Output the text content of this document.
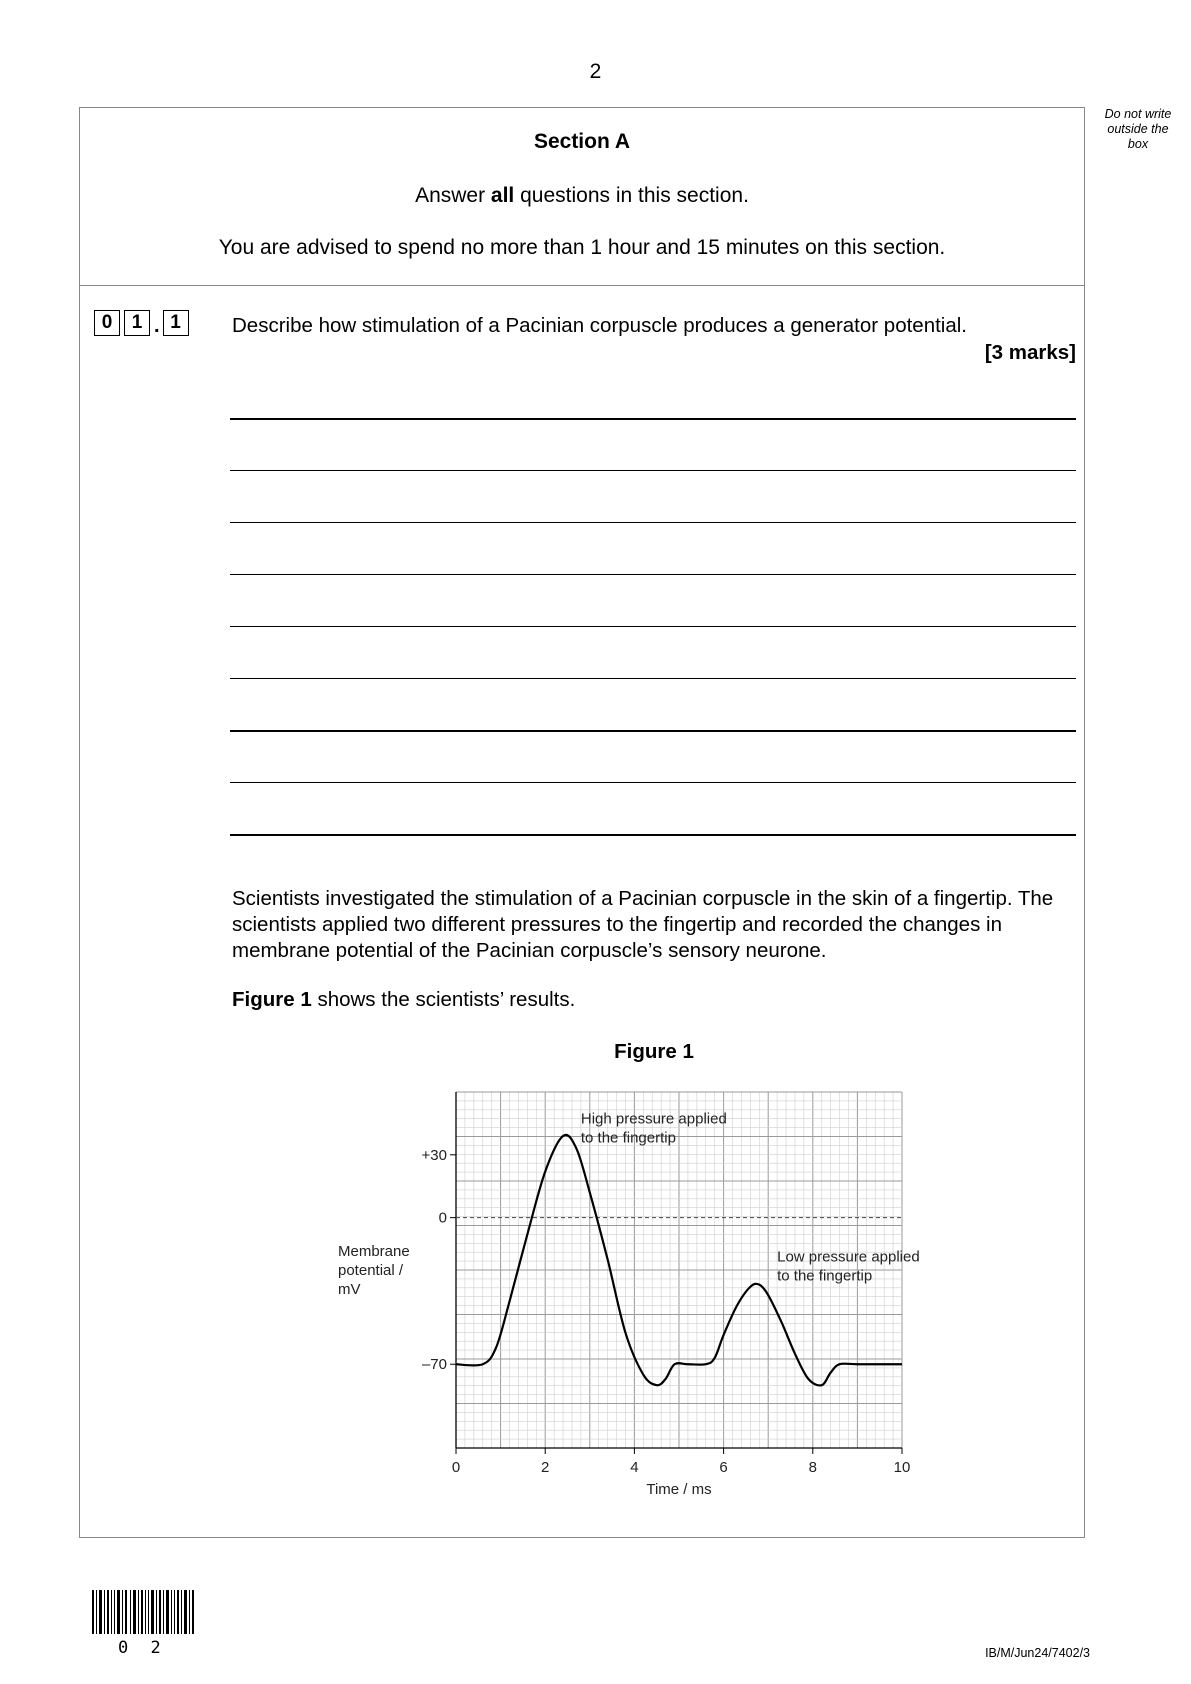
2
Do not write
outside the
box
Section A
Answer all questions in this section.
You are advised to spend no more than 1 hour and 15 minutes on this section.
0	1 . 1	Describe how stimulation of a Pacinian corpuscle produces a generator potential.
[3 marks]
Scientists investigated the stimulation of a Pacinian corpuscle in the skin of a fingertip. The scientists applied two different pressures to the fingertip and recorded the changes in membrane potential of the Pacinian corpuscle’s sensory neurone.
Figure 1 shows the scientists’ results.
Figure 1
0	2	4	6	8	10
+30
0
–70
Time / ms
Membrane
potential /
mV
High pressure applied
to the fingertip
Low pressure applied
to the fingertip
0 2	IB/M/Jun24/7402/3
